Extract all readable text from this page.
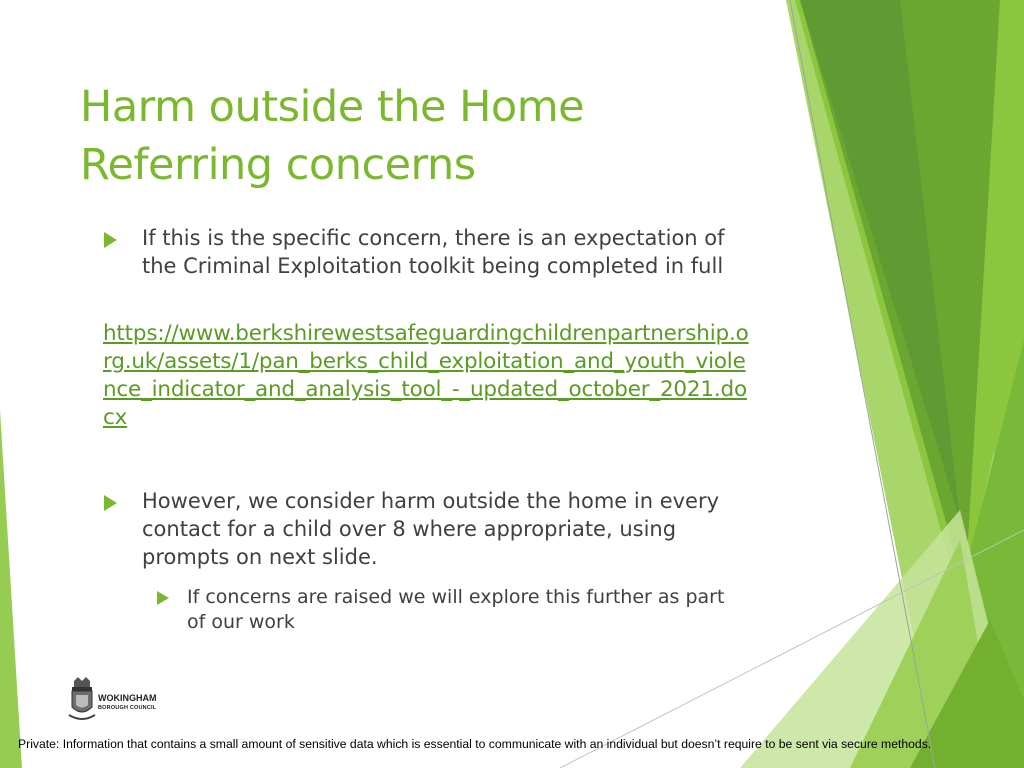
Harm outside the Home
Referring concerns
If this is the specific concern, there is an expectation of the Criminal Exploitation toolkit being completed in full
https://www.berkshirewestsafeguardingchildrenpartnership.org.uk/assets/1/pan_berks_child_exploitation_and_youth_violence_indicator_and_analysis_tool_-_updated_october_2021.docx
However, we consider harm outside the home in every contact for a child over 8 where appropriate, using prompts on next slide.
If concerns are raised we will explore this further as part of our work
WOKINGHAM
BOROUGH COUNCIL
Private: Information that contains a small amount of sensitive data which is essential to communicate with an individual but doesn’t require to be sent via secure methods.
